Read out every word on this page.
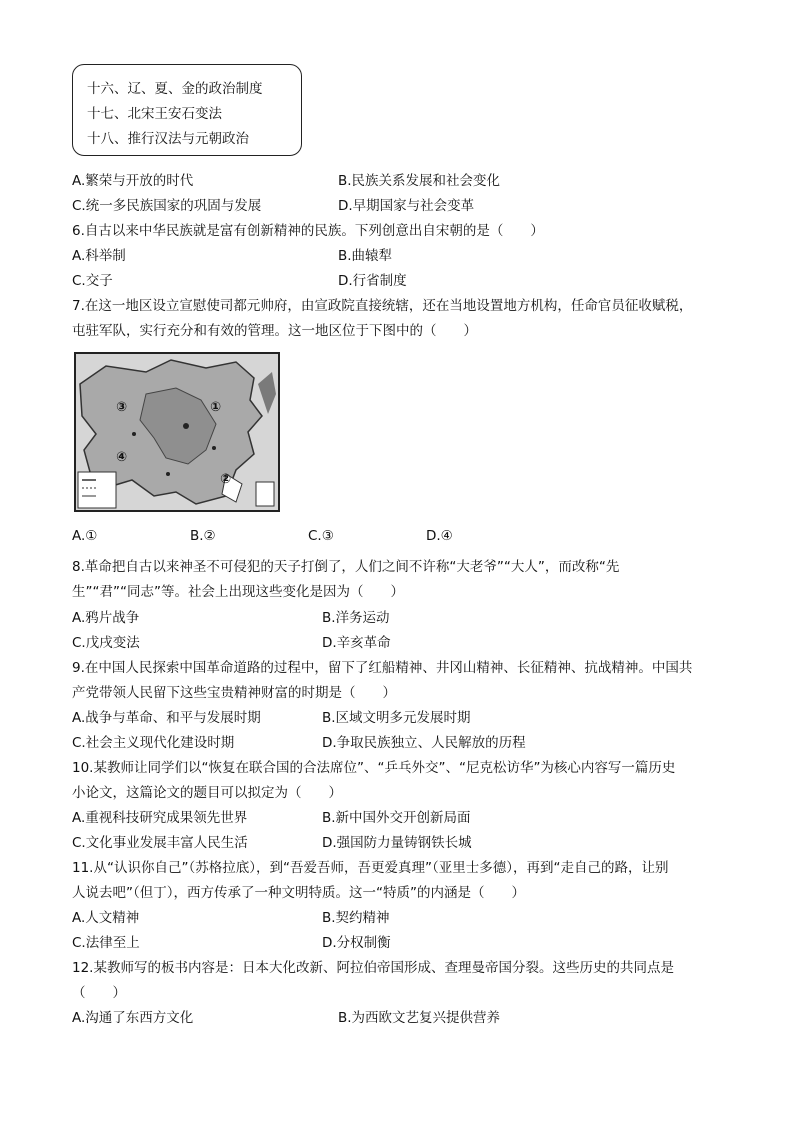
十六、辽、夏、金的政治制度
十七、北宋王安石变法
十八、推行汉法与元朝政治
A.繁荣与开放的时代	B.民族关系发展和社会变化
C.统一多民族国家的巩固与发展	D.早期国家与社会变革
6.自古以来中华民族就是富有创新精神的民族。下列创意出自宋朝的是（　　）
A.科举制	B.曲辕犁
C.交子	D.行省制度
7.在这一地区设立宣慰使司都元帅府，由宣政院直接统辖，还在当地设置地方机构，任命官员征收赋税，
屯驻军队，实行充分和有效的管理。这一地区位于下图中的（　　）
③	①
④
②
A.①	B.②	C.③	D.④
8.革命把自古以来神圣不可侵犯的天子打倒了，人们之间不许称“大老爷”“大人”，而改称“先
生”“君”“同志”等。社会上出现这些变化是因为（　　）
A.鸦片战争	B.洋务运动
C.戊戌变法	D.辛亥革命
9.在中国人民探索中国革命道路的过程中，留下了红船精神、井冈山精神、长征精神、抗战精神。中国共
产党带领人民留下这些宝贵精神财富的时期是（　　）
A.战争与革命、和平与发展时期	B.区域文明多元发展时期
C.社会主义现代化建设时期	D.争取民族独立、人民解放的历程
10.某教师让同学们以“恢复在联合国的合法席位”、“乒乓外交”、“尼克松访华”为核心内容写一篇历史
小论文，这篇论文的题目可以拟定为（　　）
A.重视科技研究成果领先世界	B.新中国外交开创新局面
C.文化事业发展丰富人民生活	D.强国防力量铸钢铁长城
11.从“认识你自己”（苏格拉底），到“吾爱吾师，吾更爱真理”（亚里士多德），再到“走自己的路，让别
人说去吧”（但丁），西方传承了一种文明特质。这一“特质”的内涵是（　　）
A.人文精神	B.契约精神
C.法律至上	D.分权制衡
12.某教师写的板书内容是：日本大化改新、阿拉伯帝国形成、查理曼帝国分裂。这些历史的共同点是
（　　）
A.沟通了东西方文化	B.为西欧文艺复兴提供营养
